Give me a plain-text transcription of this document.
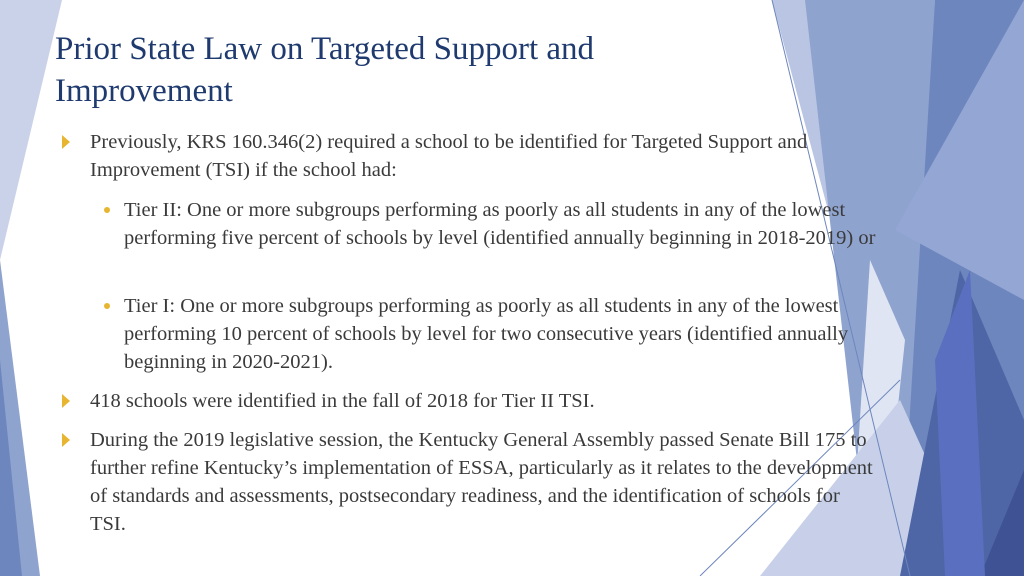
Prior State Law on Targeted Support and Improvement
Previously, KRS 160.346(2) required a school to be identified for Targeted Support and Improvement (TSI) if the school had:
Tier II: One or more subgroups performing as poorly as all students in any of the lowest performing five percent of schools by level (identified annually beginning in 2018-2019) or
Tier I: One or more subgroups performing as poorly as all students in any of the lowest performing 10 percent of schools by level for two consecutive years (identified annually beginning in 2020-2021).
418 schools were identified in the fall of 2018 for Tier II TSI.
During the 2019 legislative session, the Kentucky General Assembly passed Senate Bill 175 to further refine Kentucky’s implementation of ESSA, particularly as it relates to the development of standards and assessments, postsecondary readiness, and the identification of schools for TSI.
